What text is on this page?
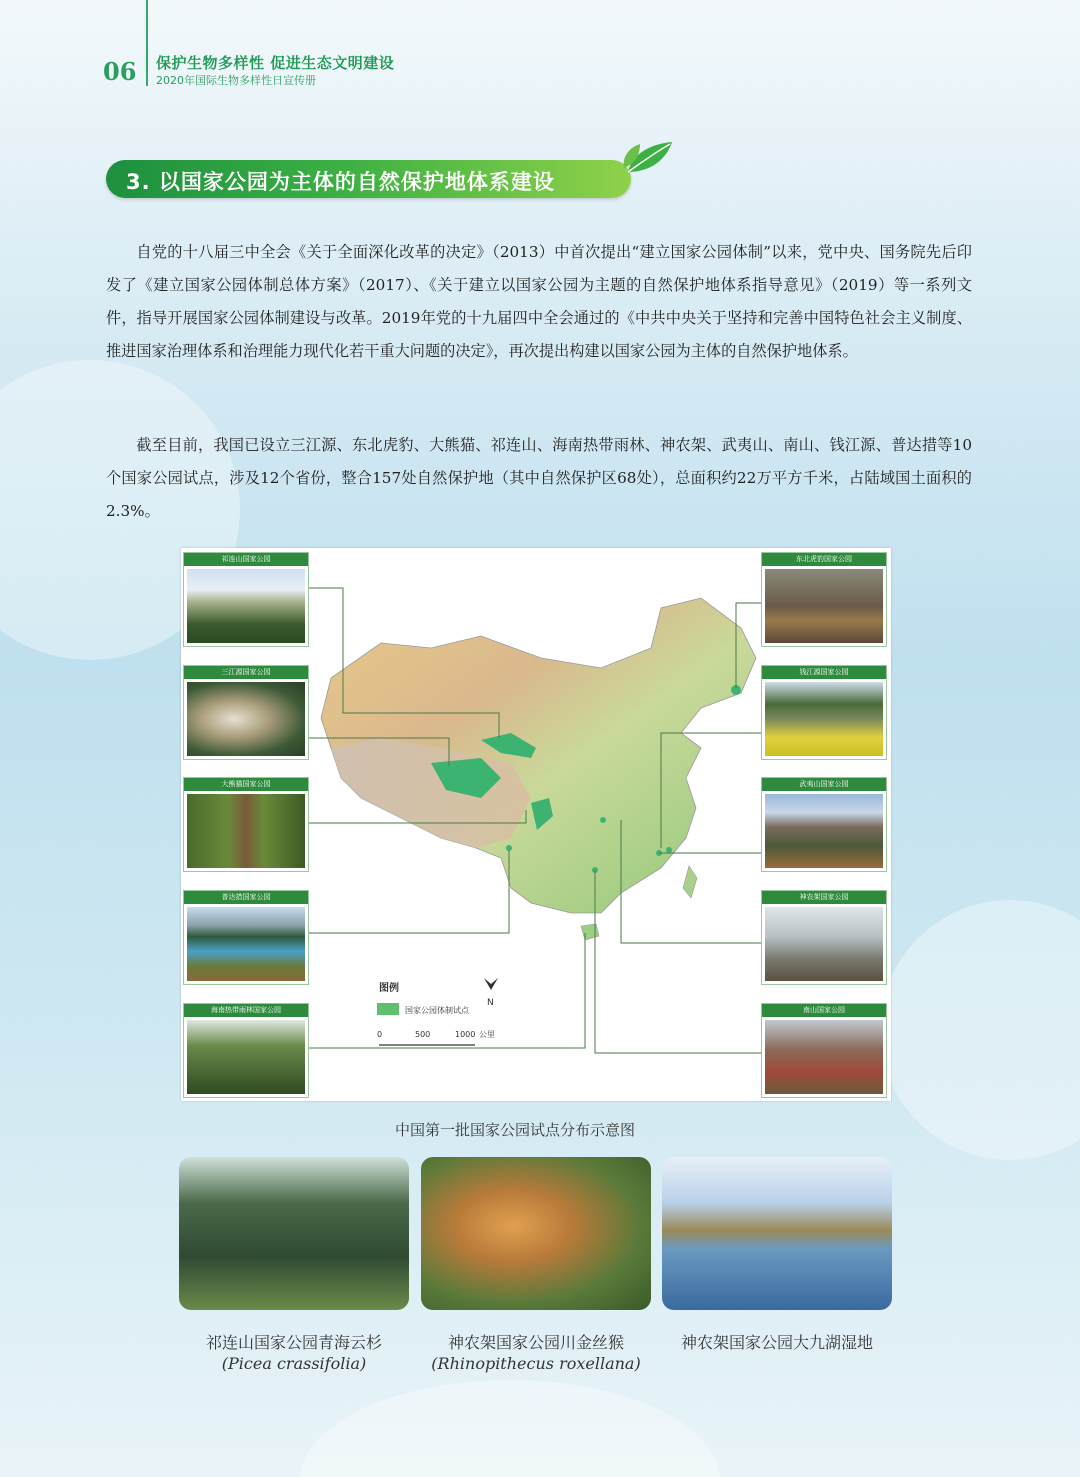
06 保护生物多样性 促进生态文明建设
2020年国际生物多样性日宣传册
3. 以国家公园为主体的自然保护地体系建设

自党的十八届三中全会《关于全面深化改革的决定》（2013）中首次提出“建立国家公园体制”以来，党中央、国务院先后印发了《建立国家公园体制总体方案》（2017）、《关于建立以国家公园为主题的自然保护地体系指导意见》（2019）等一系列文件，指导开展国家公园体制建设与改革。2019年党的十九届四中全会通过的《中共中央关于坚持和完善中国特色社会主义制度、推进国家治理体系和治理能力现代化若干重大问题的决定》，再次提出构建以国家公园为主体的自然保护地体系。

截至目前，我国已设立三江源、东北虎豹、大熊猫、祁连山、海南热带雨林、神农架、武夷山、南山、钱江源、普达措等10个国家公园试点，涉及12个省份，整合157处自然保护地（其中自然保护区68处），总面积约22万平方千米，占陆域国土面积的2.3%。

图例
国家公园体制试点
N
0	500	1000 公里
祁连山国家公园
三江源国家公园
大熊猫国家公园
普达措国家公园
海南热带雨林国家公园
东北虎豹国家公园
钱江源国家公园
武夷山国家公园
神农架国家公园
南山国家公园
中国第一批国家公园试点分布示意图
祁连山国家公园青海云杉
(Picea crassifolia)
神农架国家公园川金丝猴
(Rhinopithecus roxellana)
神农架国家公园大九湖湿地
